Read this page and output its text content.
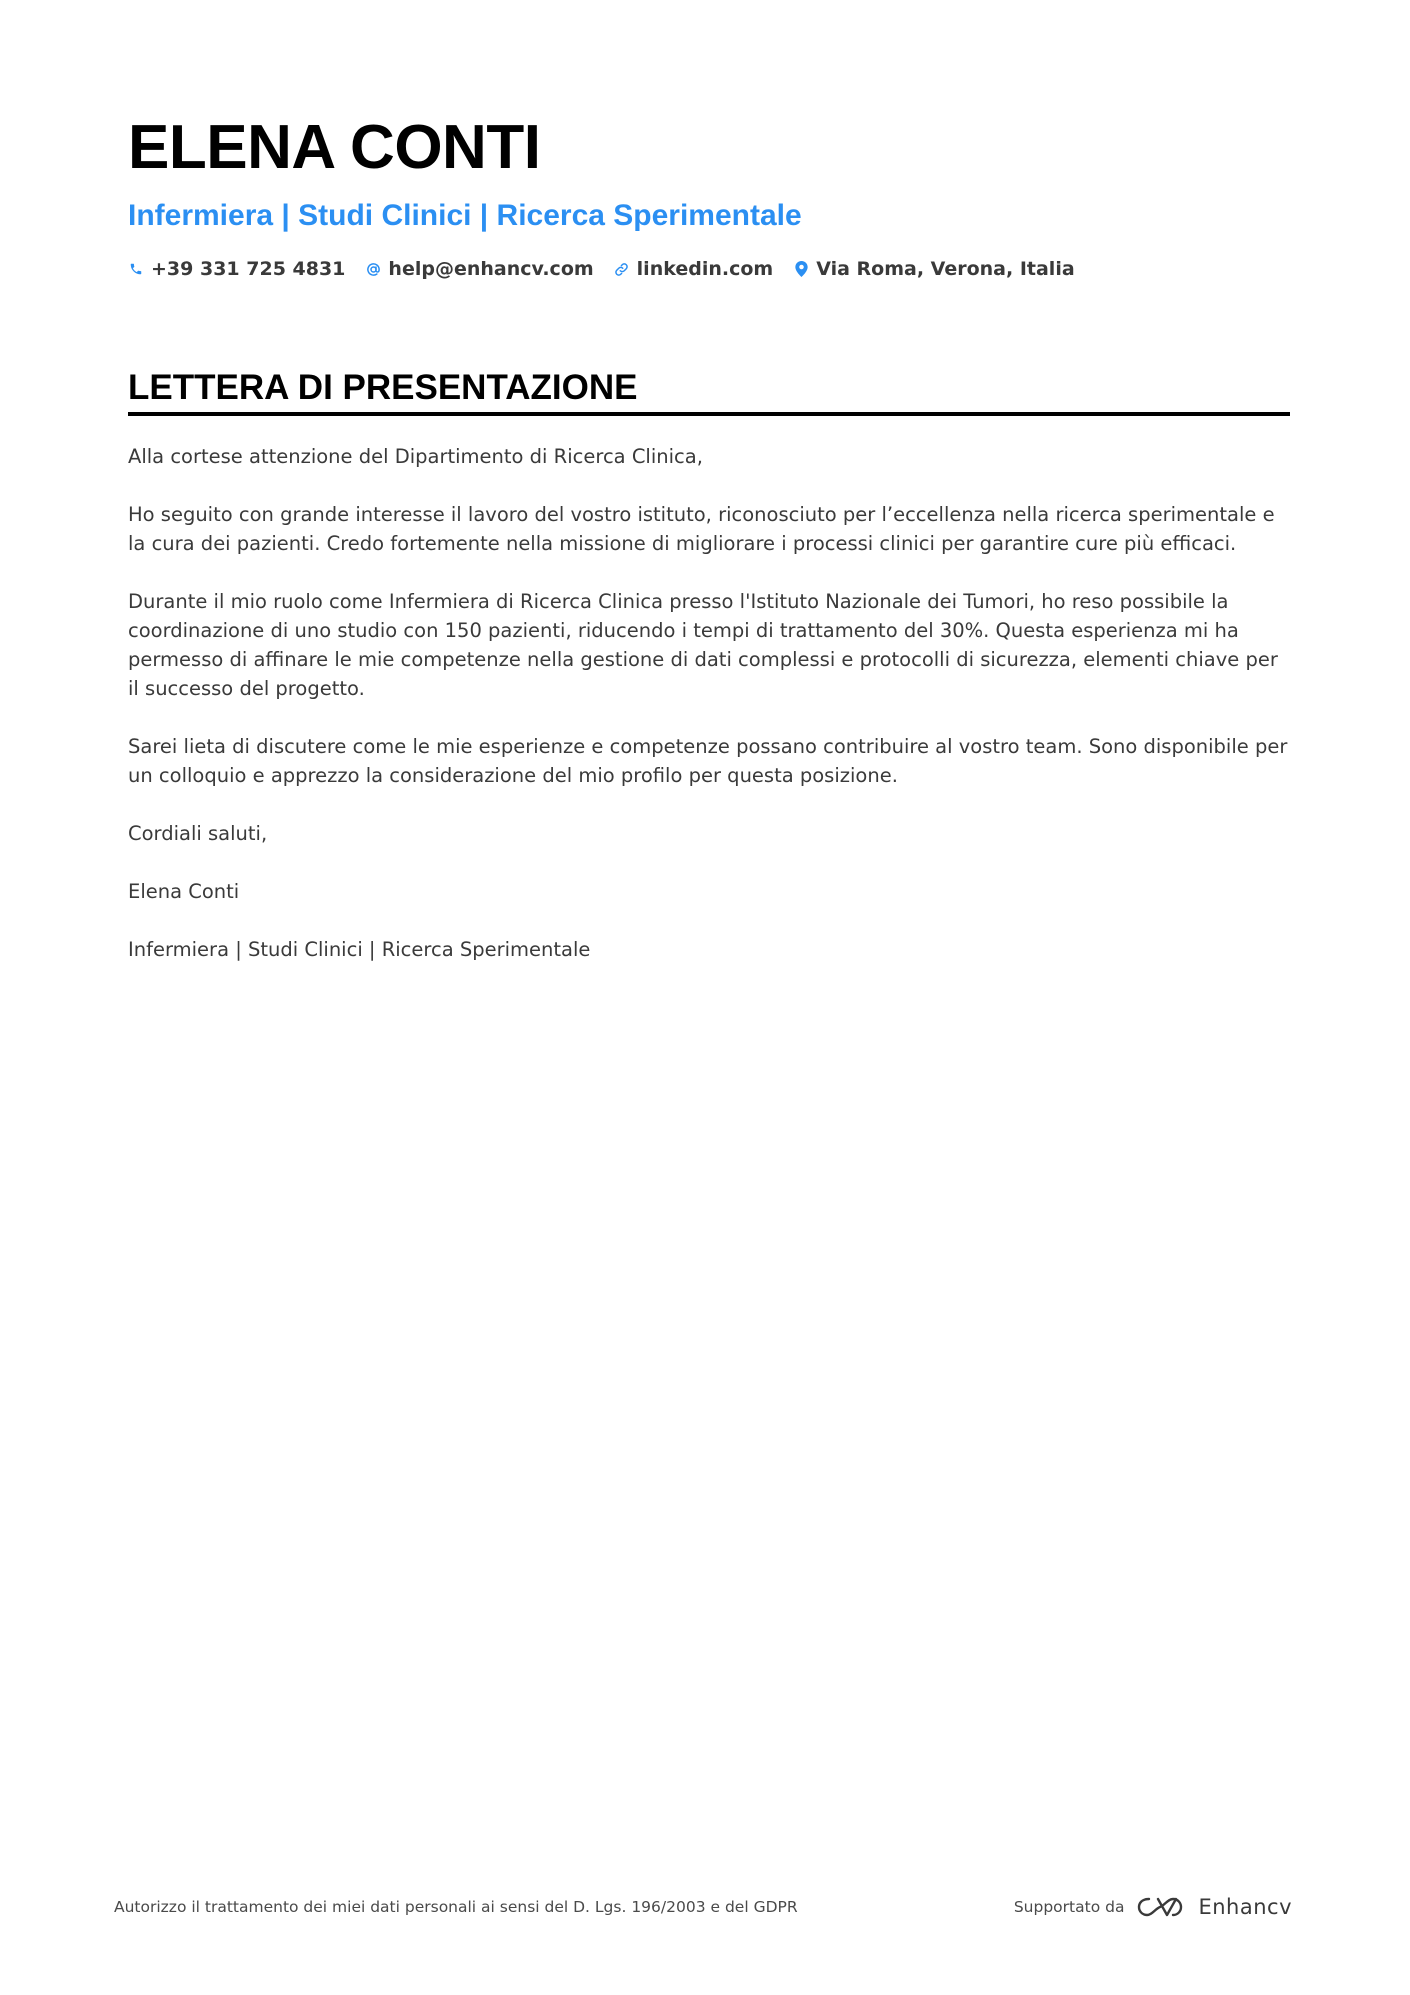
ELENA CONTI
Infermiera | Studi Clinici | Ricerca Sperimentale
+39 331 725 4831 help@enhancv.com linkedin.com Via Roma, Verona, Italia
LETTERA DI PRESENTAZIONE

Alla cortese attenzione del Dipartimento di Ricerca Clinica,

Ho seguito con grande interesse il lavoro del vostro istituto, riconosciuto per l’eccellenza nella ricerca sperimentale e la cura dei pazienti. Credo fortemente nella missione di migliorare i processi clinici per garantire cure più efficaci.

Durante il mio ruolo come Infermiera di Ricerca Clinica presso l'Istituto Nazionale dei Tumori, ho reso possibile la coordinazione di uno studio con 150 pazienti, riducendo i tempi di trattamento del 30%. Questa esperienza mi ha permesso di affinare le mie competenze nella gestione di dati complessi e protocolli di sicurezza, elementi chiave per il successo del progetto.

Sarei lieta di discutere come le mie esperienze e competenze possano contribuire al vostro team. Sono disponibile per un colloquio e apprezzo la considerazione del mio profilo per questa posizione.

Cordiali saluti,

Elena Conti

Infermiera | Studi Clinici | Ricerca Sperimentale

Autorizzo il trattamento dei miei dati personali ai sensi del D. Lgs. 196/2003 e del GDPR	Supportato da	Enhancv
